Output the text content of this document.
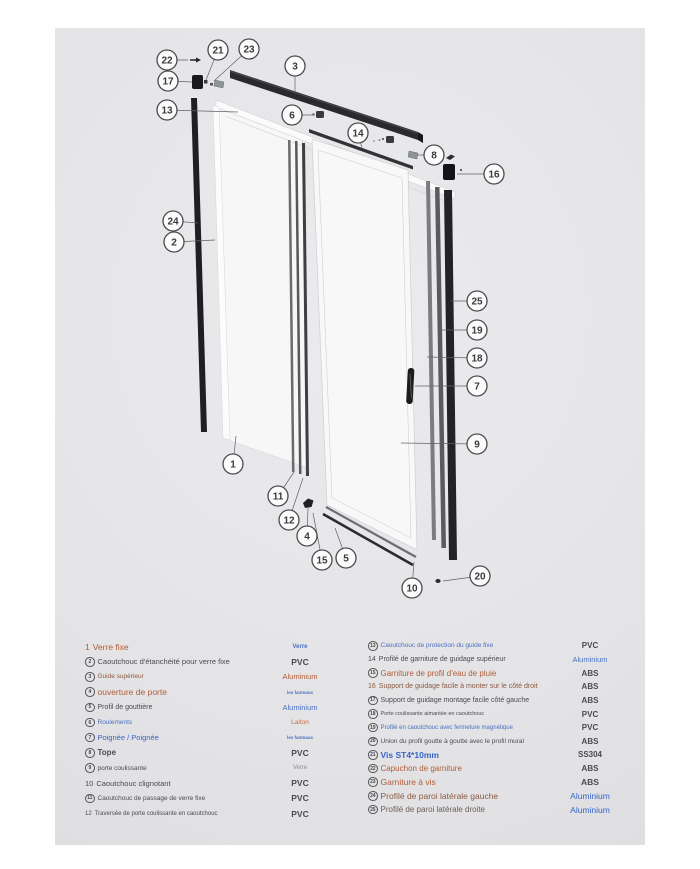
22
21 23
17
3
13	6
14
8
16
24
2
25
19
18
7
9
1
11
12
4
15 5
10
20
1 Verre fixe	Verre
2 Caoutchouc d'étanchéité pour verre fixe	PVC
3 Guide supérieur	Aluminium
4 ouverture de porte	les fanteaux
5 Profil de gouttière	Aluminium
6 Roulements	Laiton
7 Poignée / Poignée	les fanteaux
8 Tope	PVC
9 porte coulissante	Verre
10 Caoutchouc clignotant	PVC
11 Caoutchouc de passage de verre fixe	PVC
12 Traversée de porte coulissante en caoutchouc	PVC
13 Caoutchouc de protection du guide fixe	PVC
14 Profilé de garniture de guidage supérieur	Aluminium
15 Garniture de profil d'eau de pluie	ABS
16 Support de guidage facile à monter sur le côté droit	ABS
17 Support de guidage montage facile côté gauche	ABS
18 Porte coulissante aimantée en caoutchouc	PVC
19 Profilé en caoutchouc avec fermeture magnétique	PVC
20 Union du profil goutte à goutte avec le profil mural	ABS
21 Vis ST4*10mm	SS304
22 Capuchon de garniture	ABS
23 Garniture à vis	ABS
24 Profilé de paroi latérale gauche	Aluminium
25 Profilé de paroi latérale droite	Aluminium
